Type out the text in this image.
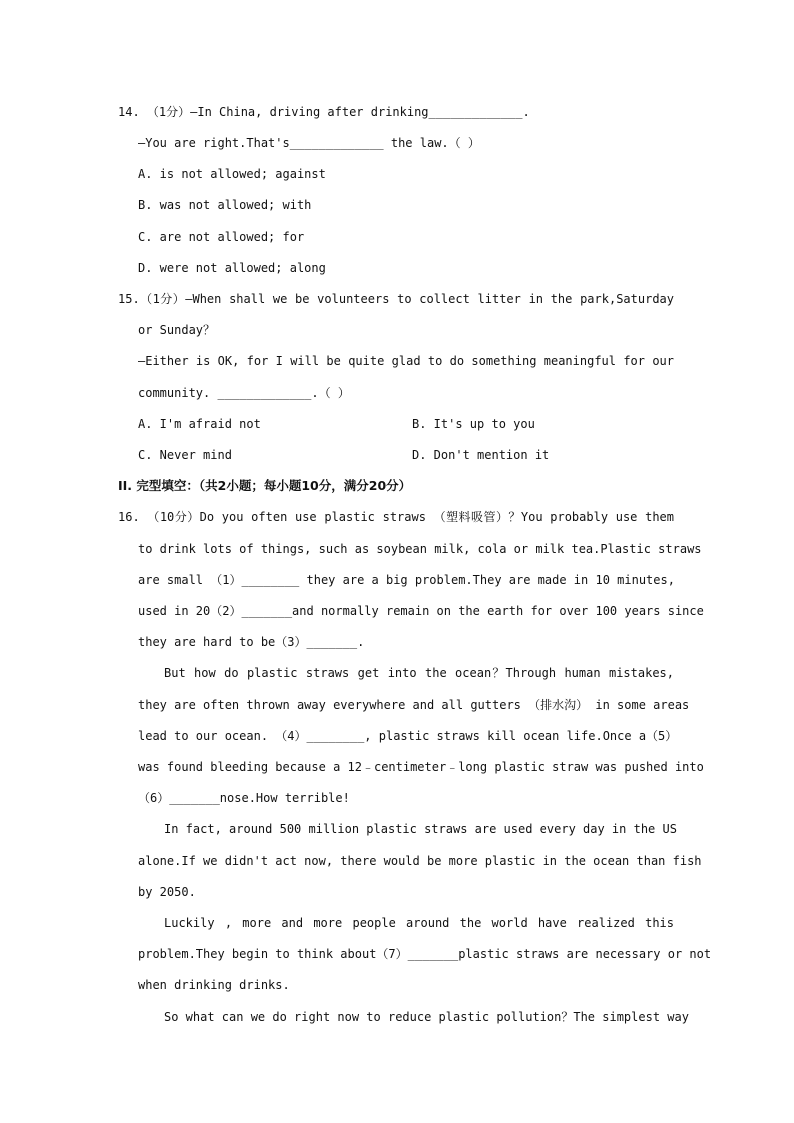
14. （1分）—In China, driving after drinking_____________.
—You are right.That's_____________ the law.（ ）
A. is not allowed; against
B. was not allowed; with
C. are not allowed; for
D. were not allowed; along
15.（1分）—When shall we be volunteers to collect litter in the park,Saturday
or Sunday？
—Either is OK, for I will be quite glad to do something meaningful for our
community. _____________.（ ）
A. I'm afraid not	B. It's up to you
C. Never mind	D. Don't mention it
II. 完型填空：（共2小题；每小题10分，满分20分）
16. （10分）Do you often use plastic straws （塑料吸管）？You probably use them
to drink lots of things, such as soybean milk, cola or milk tea.Plastic straws
are small （1）________ they are a big problem.They are made in 10 minutes,
used in 20（2）_______and normally remain on the earth for over 100 years since
they are hard to be（3）_______.
But how do plastic straws get into the ocean？Through human mistakes,
they are often thrown away everywhere and all gutters （排水沟） in some areas
lead to our ocean. （4）________, plastic straws kill ocean life.Once a（5）
was found bleeding because a 12﹣centimeter﹣long plastic straw was pushed into
（6）_______nose.How terrible!
In fact, around 500 million plastic straws are used every day in the US
alone.If we didn't act now, there would be more plastic in the ocean than fish
by 2050.
Luckily , more and more people around the world have realized this
problem.They begin to think about（7）_______plastic straws are necessary or not
when drinking drinks.
So what can we do right now to reduce plastic pollution？The simplest way
